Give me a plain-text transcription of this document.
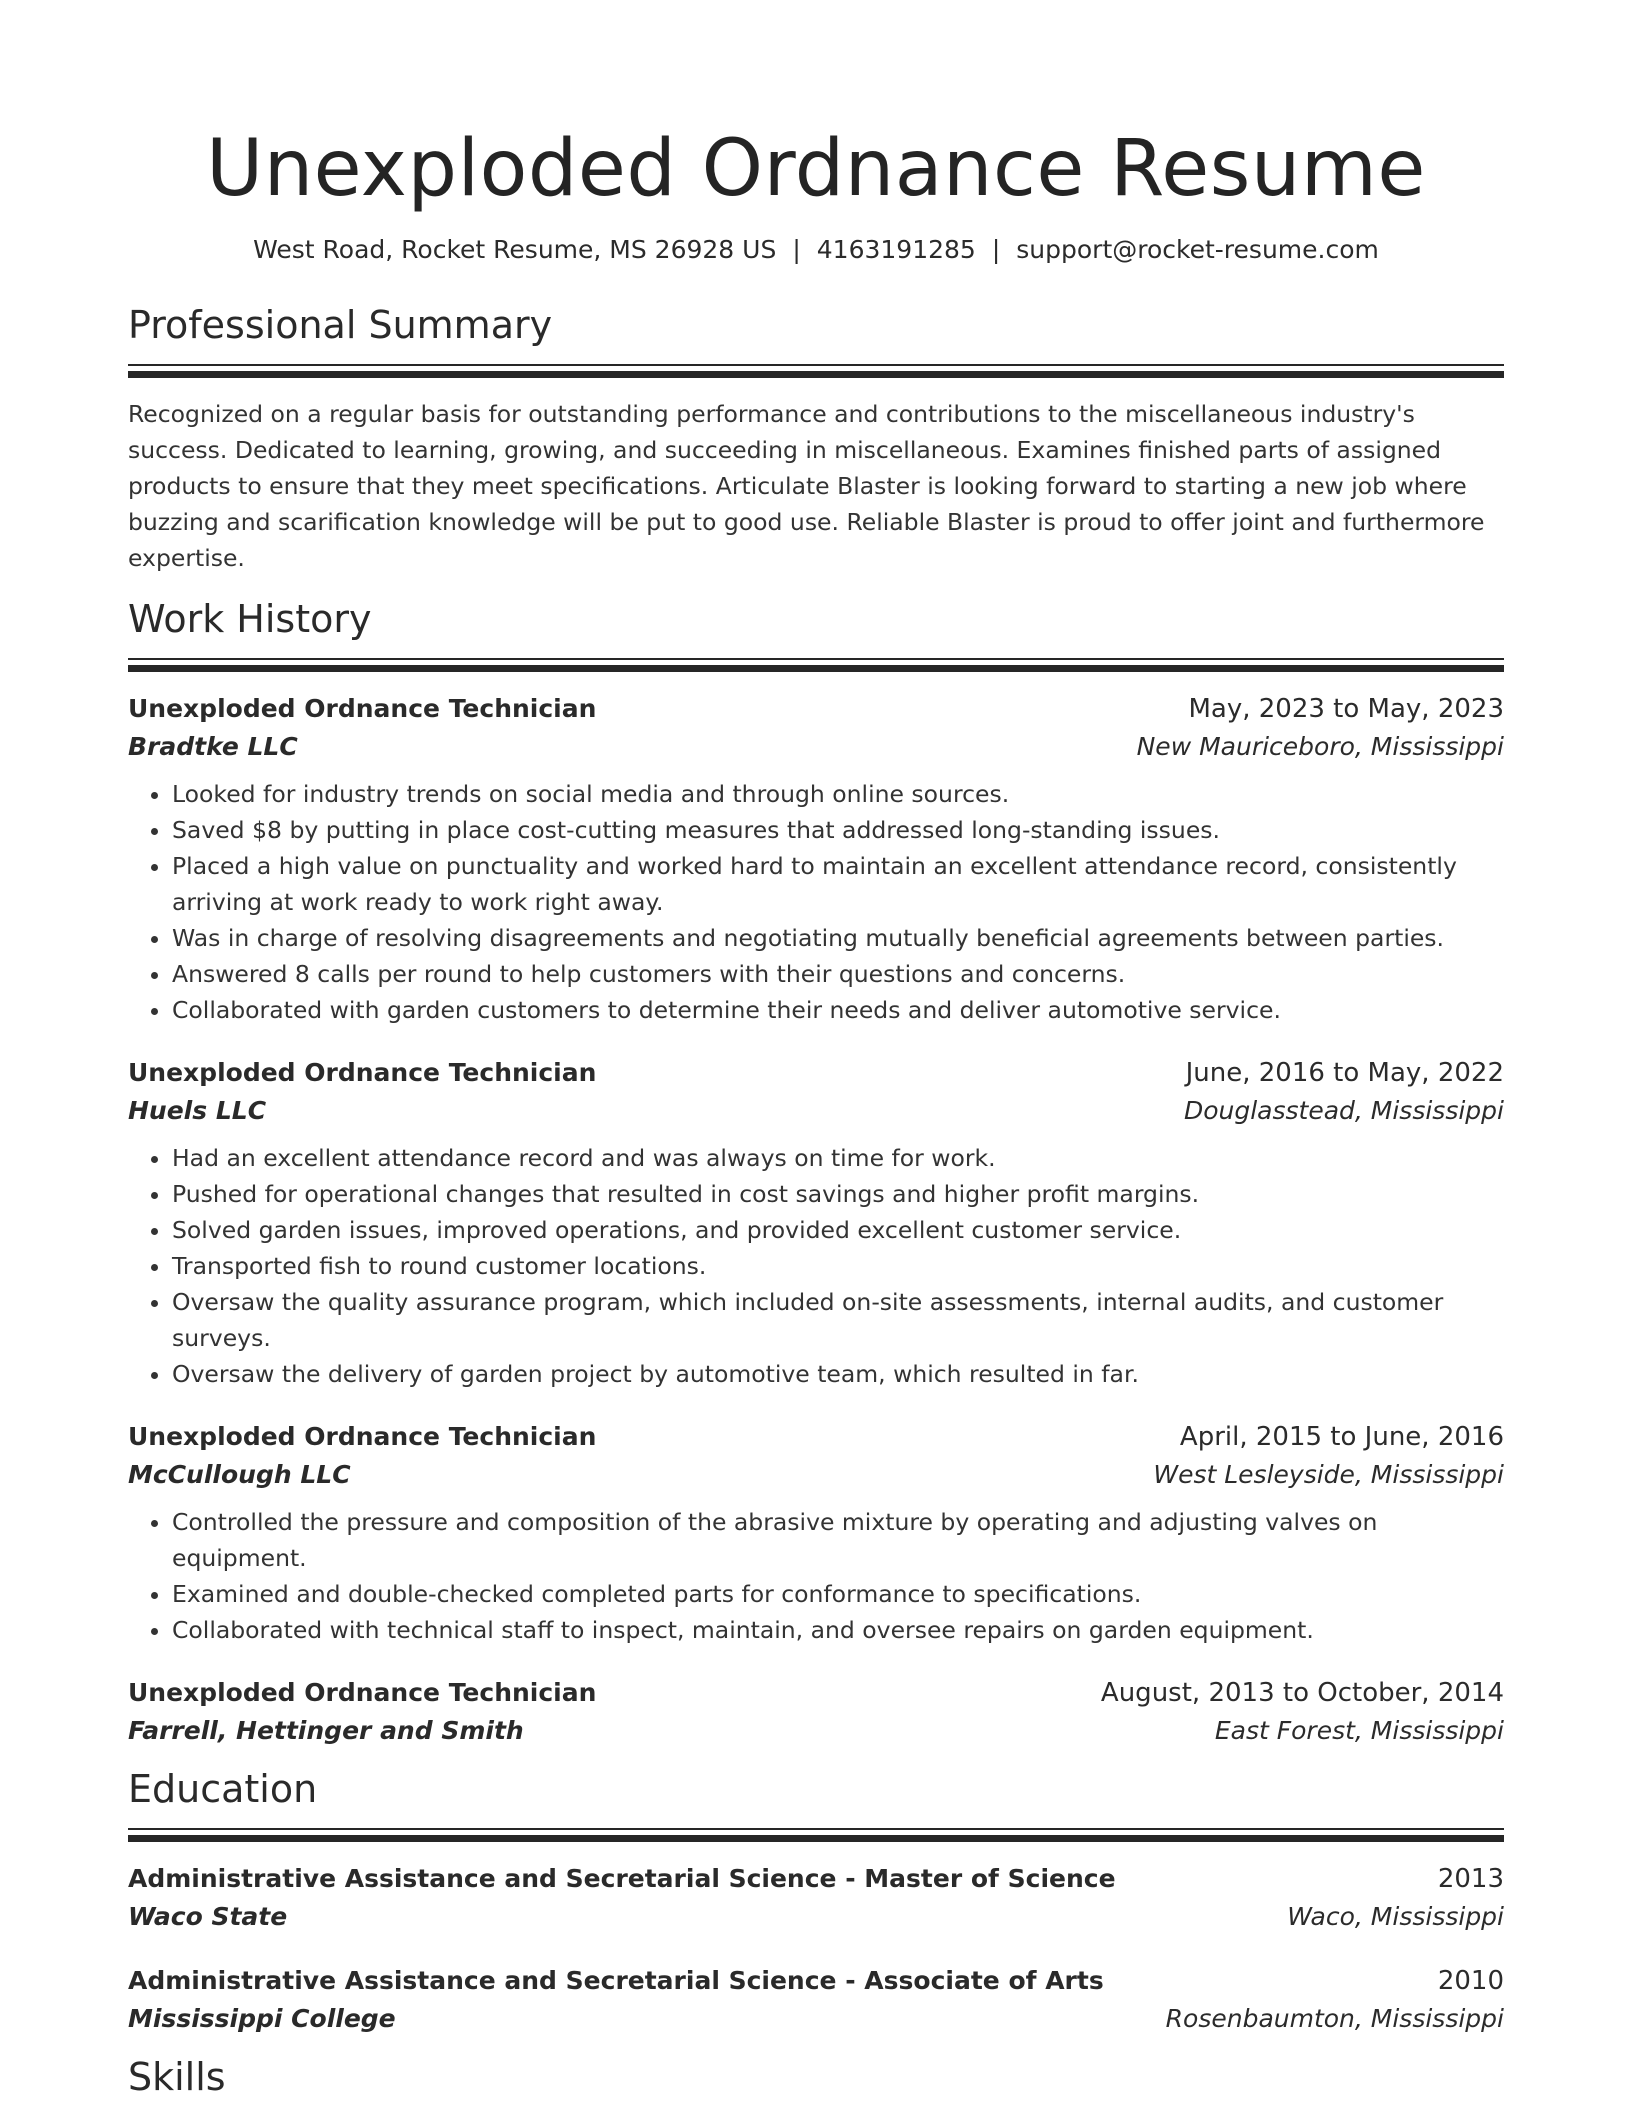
Unexploded Ordnance Resume
West Road, Rocket Resume, MS 26928 US | 4163191285 | support@rocket-resume.com
Professional Summary

Recognized on a regular basis for outstanding performance and contributions to the miscellaneous industry's success. Dedicated to learning, growing, and succeeding in miscellaneous. Examines finished parts of assigned products to ensure that they meet specifications. Articulate Blaster is looking forward to starting a new job where buzzing and scarification knowledge will be put to good use. Reliable Blaster is proud to offer joint and furthermore expertise.

Work History
Unexploded Ordnance Technician	May, 2023 to May, 2023
Bradtke LLC	New Mauriceboro, Mississippi
• Looked for industry trends on social media and through online sources.
• Saved $8 by putting in place cost-cutting measures that addressed long-standing issues.
• Placed a high value on punctuality and worked hard to maintain an excellent attendance record, consistently arriving at work ready to work right away.
• Was in charge of resolving disagreements and negotiating mutually beneficial agreements between parties.
• Answered 8 calls per round to help customers with their questions and concerns.
• Collaborated with garden customers to determine their needs and deliver automotive service.
Unexploded Ordnance Technician	June, 2016 to May, 2022
Huels LLC	Douglasstead, Mississippi
• Had an excellent attendance record and was always on time for work.
• Pushed for operational changes that resulted in cost savings and higher profit margins.
• Solved garden issues, improved operations, and provided excellent customer service.
• Transported fish to round customer locations.
• Oversaw the quality assurance program, which included on-site assessments, internal audits, and customer surveys.
• Oversaw the delivery of garden project by automotive team, which resulted in far.
Unexploded Ordnance Technician	April, 2015 to June, 2016
McCullough LLC	West Lesleyside, Mississippi
• Controlled the pressure and composition of the abrasive mixture by operating and adjusting valves on equipment.
• Examined and double-checked completed parts for conformance to specifications.
• Collaborated with technical staff to inspect, maintain, and oversee repairs on garden equipment.
Unexploded Ordnance Technician	August, 2013 to October, 2014
Farrell, Hettinger and Smith	East Forest, Mississippi
Education
Administrative Assistance and Secretarial Science - Master of Science	2013
Waco State	Waco, Mississippi
Administrative Assistance and Secretarial Science - Associate of Arts	2010
Mississippi College	Rosenbaumton, Mississippi
Skills
